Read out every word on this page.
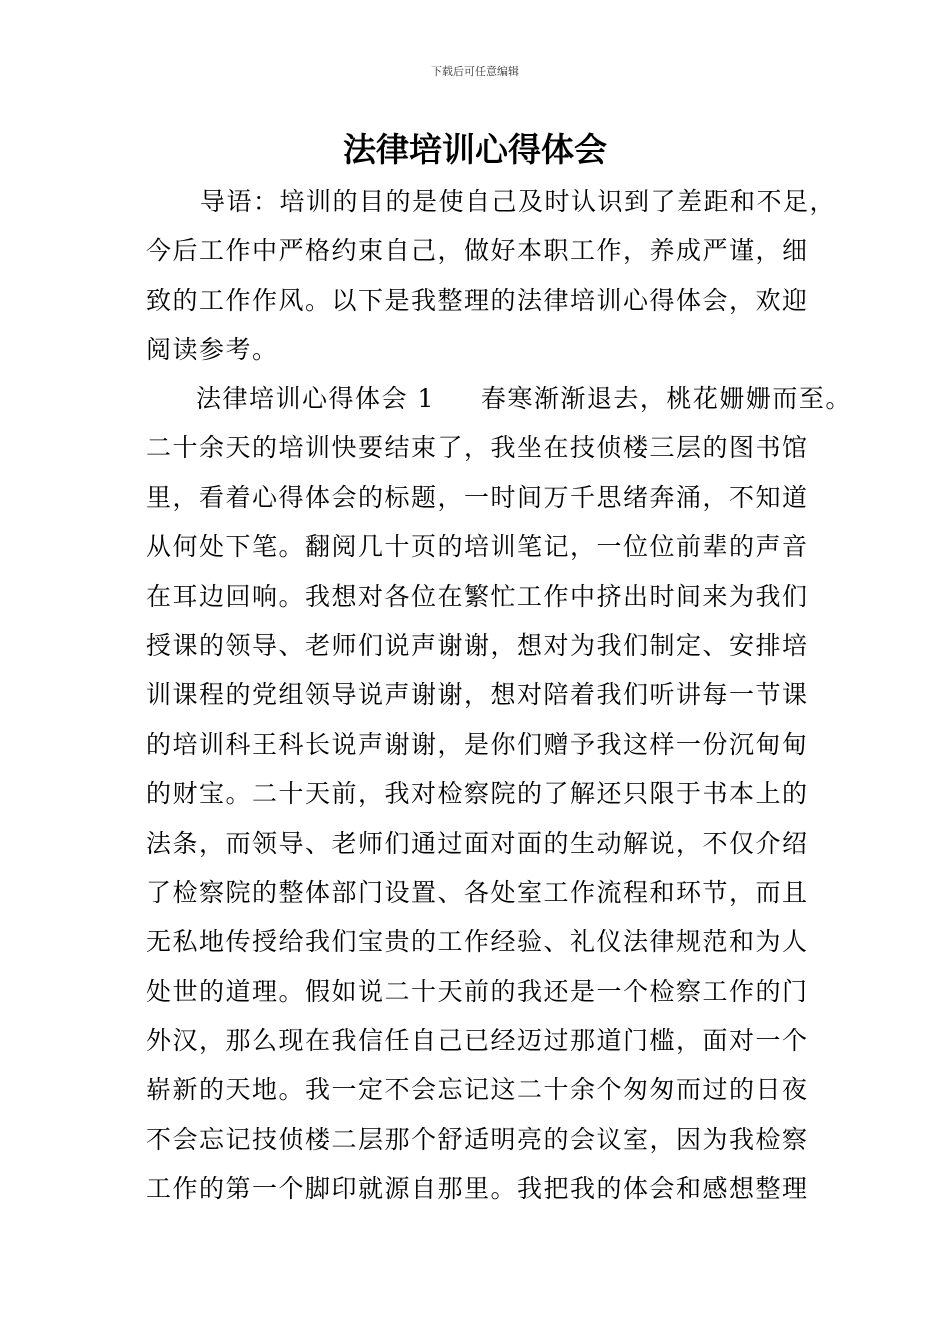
下载后可任意编辑
法律培训心得体会
导语：培训的目的是使自己及时认识到了差距和不足，
今后工作中严格约束自己，做好本职工作，养成严谨，细
致的工作作风。以下是我整理的法律培训心得体会，欢迎
阅读参考。
法律培训心得体会 1 春寒渐渐退去，桃花姗姗而至。
二十余天的培训快要结束了，我坐在技侦楼三层的图书馆
里，看着心得体会的标题，一时间万千思绪奔涌，不知道
从何处下笔。翻阅几十页的培训笔记，一位位前辈的声音
在耳边回响。我想对各位在繁忙工作中挤出时间来为我们
授课的领导、老师们说声谢谢，想对为我们制定、安排培
训课程的党组领导说声谢谢，想对陪着我们听讲每一节课
的培训科王科长说声谢谢，是你们赠予我这样一份沉甸甸
的财宝。二十天前，我对检察院的了解还只限于书本上的
法条，而领导、老师们通过面对面的生动解说，不仅介绍
了检察院的整体部门设置、各处室工作流程和环节，而且
无私地传授给我们宝贵的工作经验、礼仪法律规范和为人
处世的道理。假如说二十天前的我还是一个检察工作的门
外汉，那么现在我信任自己已经迈过那道门槛，面对一个
崭新的天地。我一定不会忘记这二十余个匆匆而过的日夜
不会忘记技侦楼二层那个舒适明亮的会议室，因为我检察
工作的第一个脚印就源自那里。我把我的体会和感想整理
